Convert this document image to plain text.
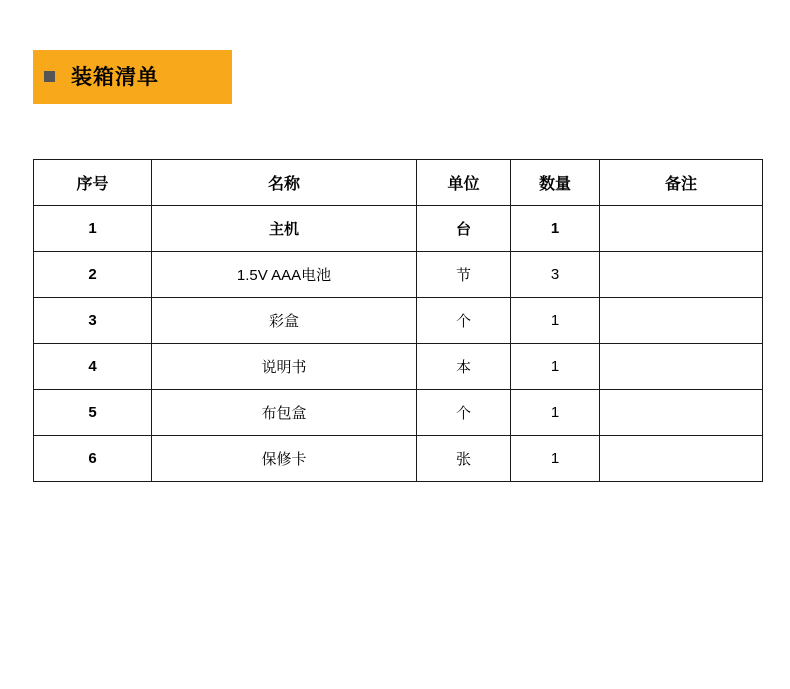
装箱清单
序号	名称	单位	数量	备注
1	主机	台	1	
2	1.5V AAA电池	节	3	
3	彩盒	个	1	
4	说明书	本	1	
5	布包盒	个	1	
6	保修卡	张	1	
